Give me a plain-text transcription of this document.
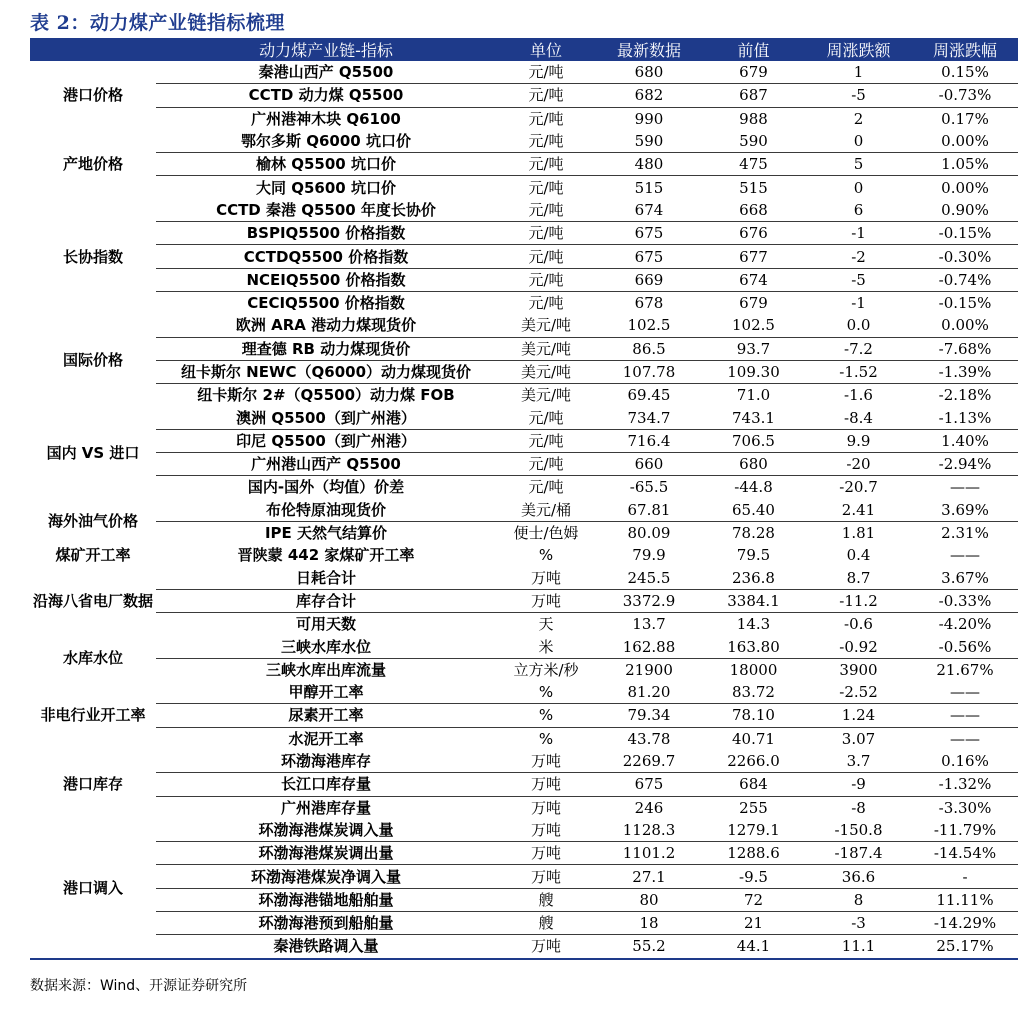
表 2：动力煤产业链指标梳理
	动力煤产业链-指标	单位	最新数据	前值	周涨跌额	周涨跌幅
港口价格	秦港山西产 Q5500	元/吨	680	679	1	0.15%
	CCTD 动力煤 Q5500	元/吨	682	687	-5	-0.73%
	广州港神木块 Q6100	元/吨	990	988	2	0.17%
产地价格	鄂尔多斯 Q6000 坑口价	元/吨	590	590	0	0.00%
	榆林 Q5500 坑口价	元/吨	480	475	5	1.05%
	大同 Q5600 坑口价	元/吨	515	515	0	0.00%
长协指数	CCTD 秦港 Q5500 年度长协价	元/吨	674	668	6	0.90%
	BSPIQ5500 价格指数	元/吨	675	676	-1	-0.15%
	CCTDQ5500 价格指数	元/吨	675	677	-2	-0.30%
	NCEIQ5500 价格指数	元/吨	669	674	-5	-0.74%
	CECIQ5500 价格指数	元/吨	678	679	-1	-0.15%
国际价格	欧洲 ARA 港动力煤现货价	美元/吨	102.5	102.5	0.0	0.00%
	理查德 RB 动力煤现货价	美元/吨	86.5	93.7	-7.2	-7.68%
	纽卡斯尔 NEWC（Q6000）动力煤现货价	美元/吨	107.78	109.30	-1.52	-1.39%
	纽卡斯尔 2#（Q5500）动力煤 FOB	美元/吨	69.45	71.0	-1.6	-2.18%
国内 VS 进口	澳洲 Q5500（到广州港）	元/吨	734.7	743.1	-8.4	-1.13%
	印尼 Q5500（到广州港）	元/吨	716.4	706.5	9.9	1.40%
	广州港山西产 Q5500	元/吨	660	680	-20	-2.94%
	国内-国外（均值）价差	元/吨	-65.5	-44.8	-20.7	——
海外油气价格	布伦特原油现货价	美元/桶	67.81	65.40	2.41	3.69%
	IPE 天然气结算价	便士/色姆	80.09	78.28	1.81	2.31%
煤矿开工率	晋陕蒙 442 家煤矿开工率	%	79.9	79.5	0.4	——
沿海八省电厂数据	日耗合计	万吨	245.5	236.8	8.7	3.67%
	库存合计	万吨	3372.9	3384.1	-11.2	-0.33%
	可用天数	天	13.7	14.3	-0.6	-4.20%
水库水位	三峡水库水位	米	162.88	163.80	-0.92	-0.56%
	三峡水库出库流量	立方米/秒	21900	18000	3900	21.67%
非电行业开工率	甲醇开工率	%	81.20	83.72	-2.52	——
	尿素开工率	%	79.34	78.10	1.24	——
	水泥开工率	%	43.78	40.71	3.07	——
港口库存	环渤海港库存	万吨	2269.7	2266.0	3.7	0.16%
	长江口库存量	万吨	675	684	-9	-1.32%
	广州港库存量	万吨	246	255	-8	-3.30%
港口调入	环渤海港煤炭调入量	万吨	1128.3	1279.1	-150.8	-11.79%
	环渤海港煤炭调出量	万吨	1101.2	1288.6	-187.4	-14.54%
	环渤海港煤炭净调入量	万吨	27.1	-9.5	36.6	-
	环渤海港锚地船舶量	艘	80	72	8	11.11%
	环渤海港预到船舶量	艘	18	21	-3	-14.29%
	秦港铁路调入量	万吨	55.2	44.1	11.1	25.17%
数据来源：Wind、开源证券研究所
